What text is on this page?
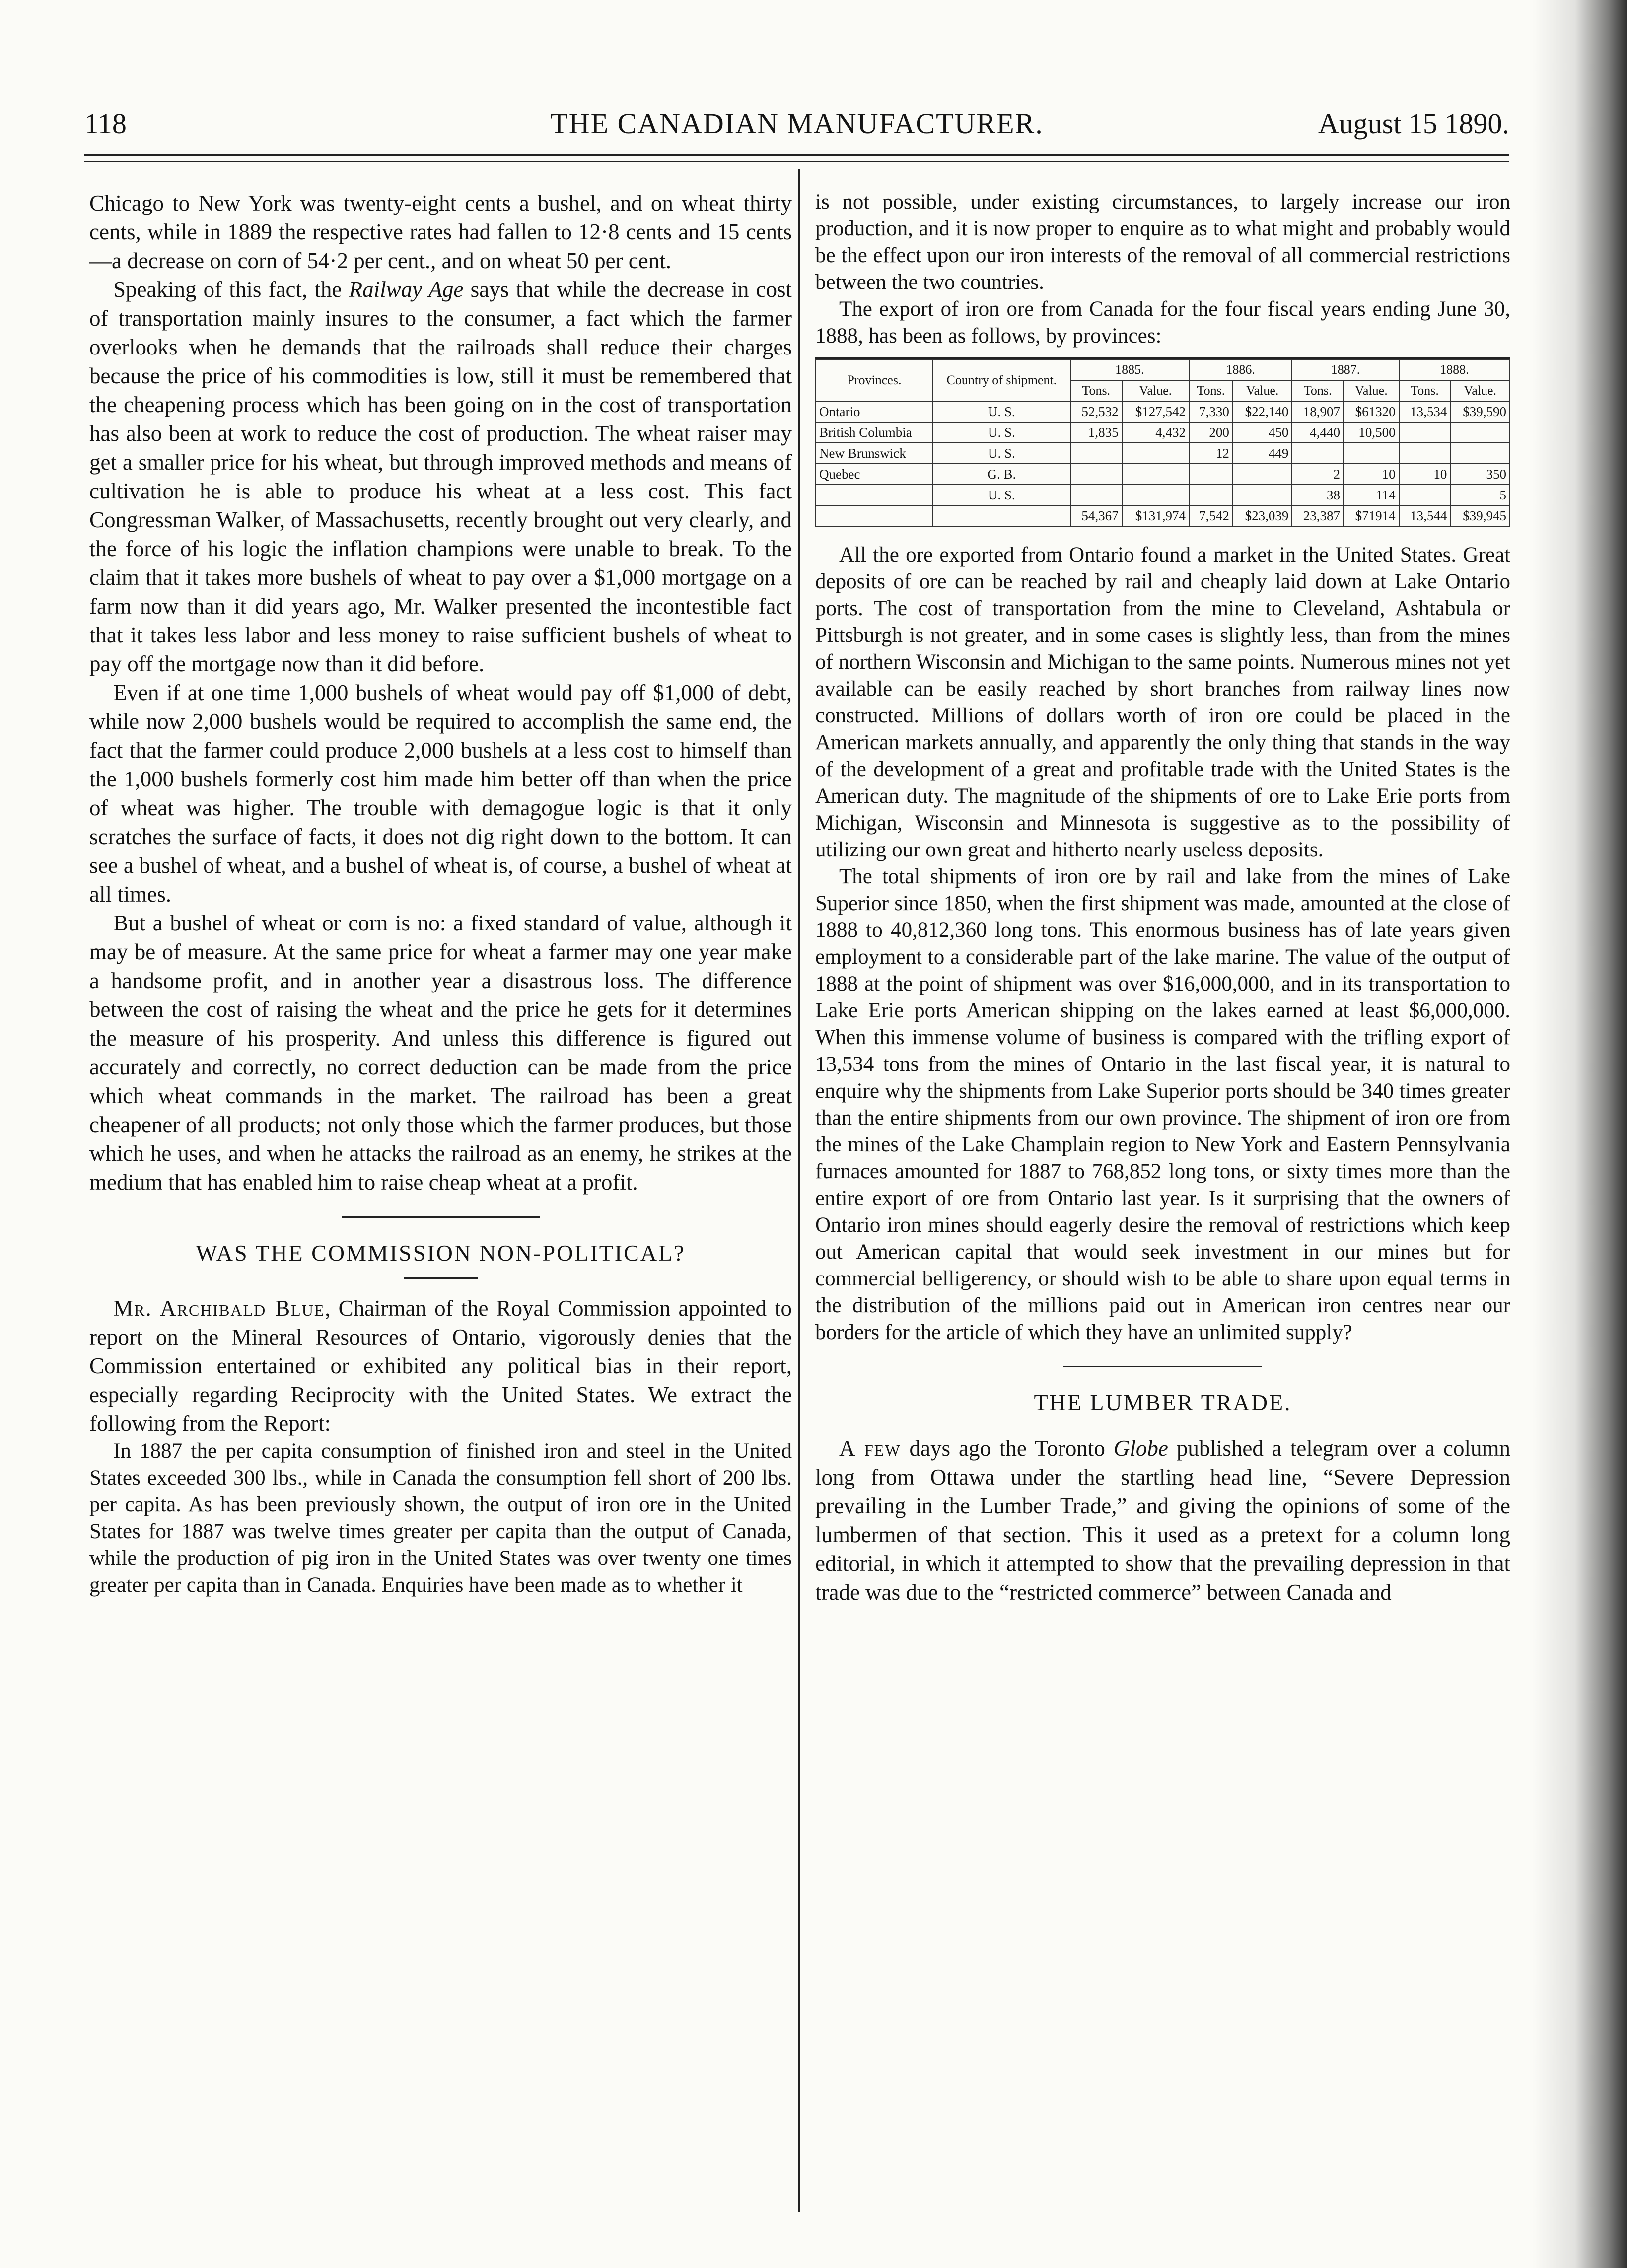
118	THE CANADIAN MANUFACTURER.	August 15 1890.

Chicago to New York was twenty-eight cents a bushel, and on wheat thirty cents, while in 1889 the respective rates had fallen to 12·8 cents and 15 cents—a decrease on corn of 54·2 per cent., and on wheat 50 per cent.

Speaking of this fact, the Railway Age says that while the decrease in cost of transportation mainly insures to the consumer, a fact which the farmer overlooks when he demands that the railroads shall reduce their charges because the price of his commodities is low, still it must be remembered that the cheapening process which has been going on in the cost of transportation has also been at work to reduce the cost of production. The wheat raiser may get a smaller price for his wheat, but through improved methods and means of cultivation he is able to produce his wheat at a less cost. This fact Congressman Walker, of Massachusetts, recently brought out very clearly, and the force of his logic the inflation champions were unable to break. To the claim that it takes more bushels of wheat to pay over a $1,000 mortgage on a farm now than it did years ago, Mr. Walker presented the incontestible fact that it takes less labor and less money to raise sufficient bushels of wheat to pay off the mortgage now than it did before.

Even if at one time 1,000 bushels of wheat would pay off $1,000 of debt, while now 2,000 bushels would be required to accomplish the same end, the fact that the farmer could produce 2,000 bushels at a less cost to himself than the 1,000 bushels formerly cost him made him better off than when the price of wheat was higher. The trouble with demagogue logic is that it only scratches the surface of facts, it does not dig right down to the bottom. It can see a bushel of wheat, and a bushel of wheat is, of course, a bushel of wheat at all times.

But a bushel of wheat or corn is no: a fixed standard of value, although it may be of measure. At the same price for wheat a farmer may one year make a handsome profit, and in another year a disastrous loss. The difference between the cost of raising the wheat and the price he gets for it determines the measure of his prosperity. And unless this difference is figured out accurately and correctly, no correct deduction can be made from the price which wheat commands in the market. The railroad has been a great cheapener of all products; not only those which the farmer produces, but those which he uses, and when he attacks the railroad as an enemy, he strikes at the medium that has enabled him to raise cheap wheat at a profit.

WAS THE COMMISSION NON-POLITICAL?

Mr. Archibald Blue, Chairman of the Royal Commission appointed to report on the Mineral Resources of Ontario, vigorously denies that the Commission entertained or exhibited any political bias in their report, especially regarding Reciprocity with the United States. We extract the following from the Report:

In 1887 the per capita consumption of finished iron and steel in the United States exceeded 300 lbs., while in Canada the consumption fell short of 200 lbs. per capita. As has been previously shown, the output of iron ore in the United States for 1887 was twelve times greater per capita than the output of Canada, while the production of pig iron in the United States was over twenty one times greater per capita than in Canada. Enquiries have been made as to whether it

is not possible, under existing circumstances, to largely increase our iron production, and it is now proper to enquire as to what might and probably would be the effect upon our iron interests of the removal of all commercial restrictions between the two countries.

The export of iron ore from Canada for the four fiscal years ending June 30, 1888, has been as follows, by provinces:

Provinces.	Country of shipment.	1885.		1886.		1887.		1888.	
		Tons.	Value.	Tons.	Value.	Tons.	Value.	Tons.	Value.
Ontario	U. S.	52,532	$127,542	7,330	$22,140	18,907	$61320	13,534	$39,590
British Columbia	U. S.	1,835	4,432	200	450	4,440	10,500		
New Brunswick	U. S.			12	449				
Quebec	G. B.					2	10	10	350
	U. S.					38	114		5
		54,367	$131,974	7,542	$23,039	23,387	$71914	13,544	$39,945

All the ore exported from Ontario found a market in the United States. Great deposits of ore can be reached by rail and cheaply laid down at Lake Ontario ports. The cost of transportation from the mine to Cleveland, Ashtabula or Pittsburgh is not greater, and in some cases is slightly less, than from the mines of northern Wisconsin and Michigan to the same points. Numerous mines not yet available can be easily reached by short branches from railway lines now constructed. Millions of dollars worth of iron ore could be placed in the American markets annually, and apparently the only thing that stands in the way of the development of a great and profitable trade with the United States is the American duty. The magnitude of the shipments of ore to Lake Erie ports from Michigan, Wisconsin and Minnesota is suggestive as to the possibility of utilizing our own great and hitherto nearly useless deposits.

The total shipments of iron ore by rail and lake from the mines of Lake Superior since 1850, when the first shipment was made, amounted at the close of 1888 to 40,812,360 long tons. This enormous business has of late years given employment to a considerable part of the lake marine. The value of the output of 1888 at the point of shipment was over $16,000,000, and in its transportation to Lake Erie ports American shipping on the lakes earned at least $6,000,000. When this immense volume of business is compared with the trifling export of 13,534 tons from the mines of Ontario in the last fiscal year, it is natural to enquire why the shipments from Lake Superior ports should be 340 times greater than the entire shipments from our own province. The shipment of iron ore from the mines of the Lake Champlain region to New York and Eastern Pennsylvania furnaces amounted for 1887 to 768,852 long tons, or sixty times more than the entire export of ore from Ontario last year. Is it surprising that the owners of Ontario iron mines should eagerly desire the removal of restrictions which keep out American capital that would seek investment in our mines but for commercial belligerency, or should wish to be able to share upon equal terms in the distribution of the millions paid out in American iron centres near our borders for the article of which they have an unlimited supply?

THE LUMBER TRADE.

A few days ago the Toronto Globe published a telegram over a column long from Ottawa under the startling head line, “Severe Depression prevailing in the Lumber Trade,” and giving the opinions of some of the lumbermen of that section. This it used as a pretext for a column long editorial, in which it attempted to show that the prevailing depression in that trade was due to the “restricted commerce” between Canada and
